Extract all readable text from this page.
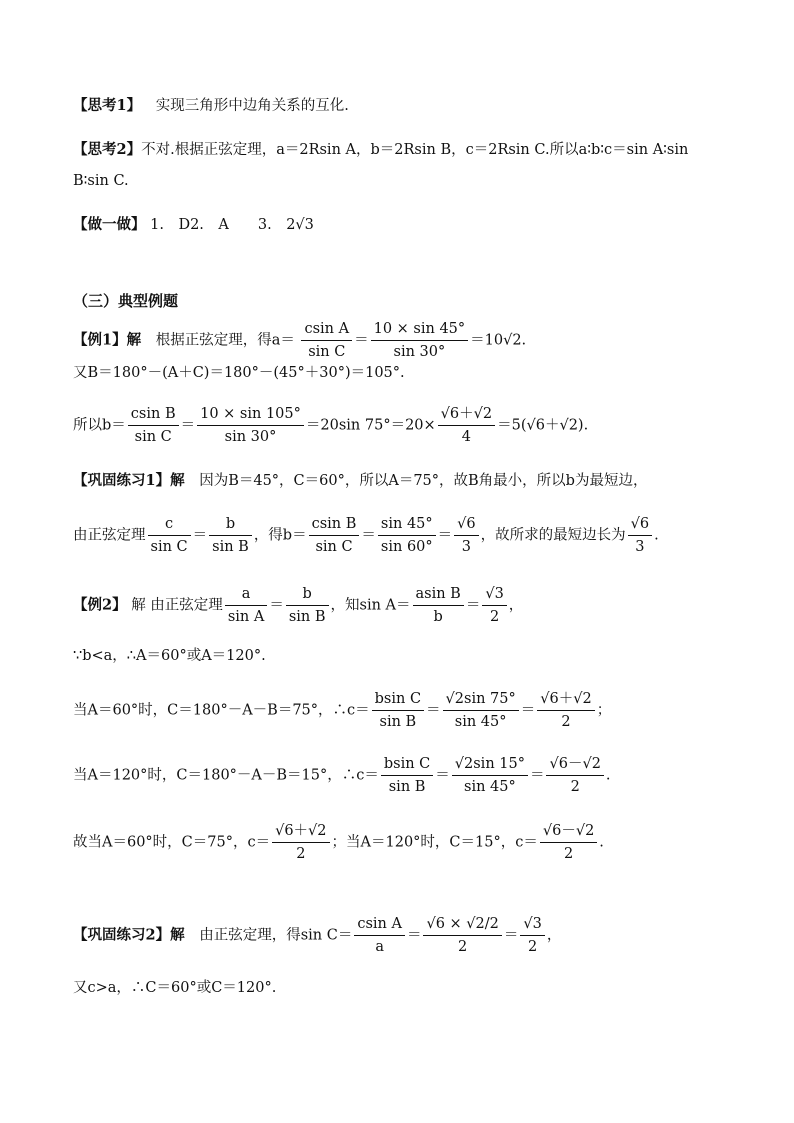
【思考1】 实现三角形中边角关系的互化.
【思考2】不对.根据正弦定理，a＝2Rsin A，b＝2Rsin B，c＝2Rsin C.所以a∶b∶c＝sin A∶sin
B∶sin C.
【做一做】 1.　D2.　A　　3.　2√3
（三）典型例题
【例1】解 根据正弦定理，得$a= \frac{\text{csin A}}{\text{sin C}} = \frac{10 \times \sin 45^\circ}{\sin 30^\circ} =10√2$.
又B＝180°－(A＋C)＝180°－(45°＋30°)＝105°.
所以$b= \frac{\text{csin B}}{\text{sin C}} = \frac{10 \times \sin 105^\circ}{\sin 30^\circ} =20\sin$ $75^\circ=20\times \frac{√6+√2}{4} =5(√6+√2)$.
【巩固练习1】解 因为B＝45°，C＝60°，所以A＝75°，故B角最小，所以b为最短边，
由正弦定理 $\frac{c}{\text{sin C}} = \frac{b}{\text{sin B}}$ ，得$b= \frac{\text{csin B}}{\text{sin C}} = \frac{\sin 45^\circ}{\sin 60^\circ} = \frac{√6}{3}$ ，故所求的最短边长为 $\frac{√6}{3}$ .
【例2】 解 由正弦定理 $\frac{a}{\text{sin A}} = \frac{b}{\text{sin B}}$ ，知$\sin A= \frac{\text{asin B}}{b} = \frac{√3}{2}$ ，
∵b<a，∴A＝60°或A＝120°.
当A＝60°时，C＝180°－A－B＝75°，∴c＝ $\frac{\text{bsin C}}{\text{sin B}} = \frac{√2\sin 75^\circ}{\sin 45^\circ} = \frac{√6+√2}{2}$ ；
当A＝120°时，C＝180°－A－B＝15°，∴c＝ $\frac{\text{bsin C}}{\text{sin B}} = \frac{√2\sin 15^\circ}{\sin 45^\circ} = \frac{√6-√2}{2}$ .
故当A＝60°时，C＝75°，$c= \frac{√6+√2}{2}$ ；当A＝120°时，C＝15°，$c= \frac{√6-√2}{2}$ .
【巩固练习2】解 由正弦定理，得$\sin C= \frac{\text{csin A}}{a} = \frac{√6 \times √2/2}{2} = \frac{√3}{2}$ ，
又c>a，∴C＝60°或C＝120°.
